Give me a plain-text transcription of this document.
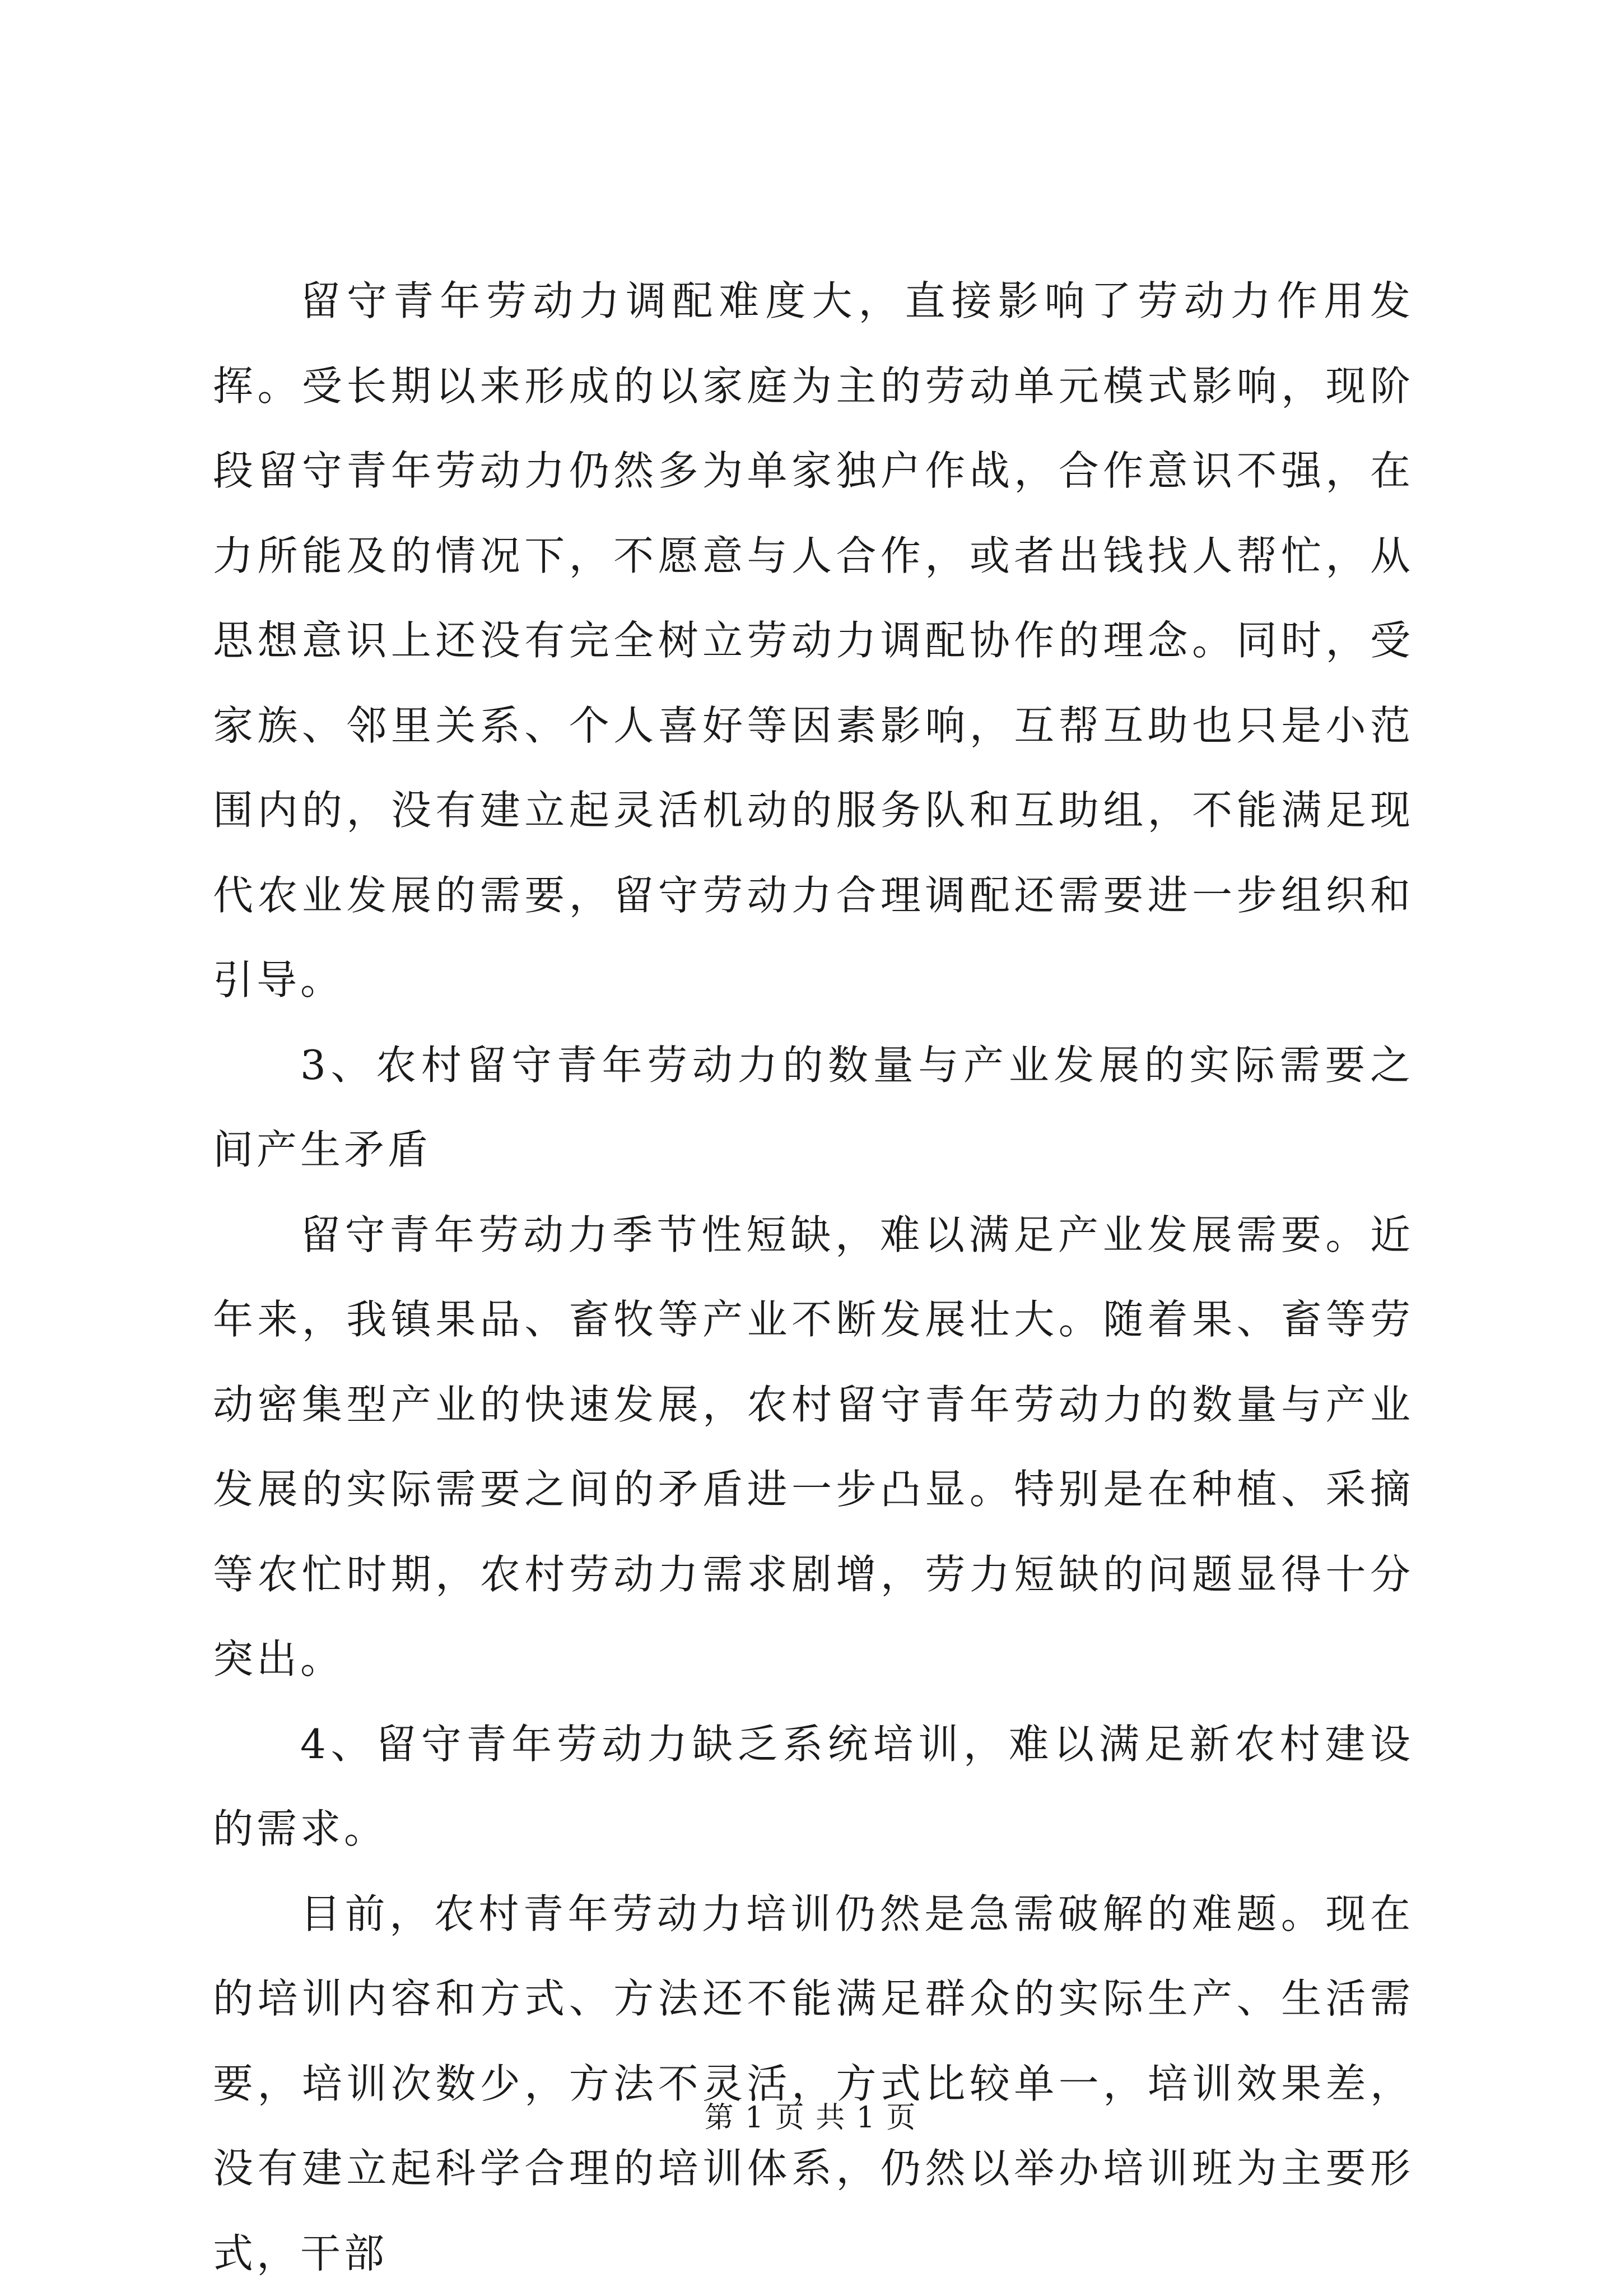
留守青年劳动力调配难度大，直接影响了劳动力作用发挥。受长期以来形成的以家庭为主的劳动单元模式影响，现阶段留守青年劳动力仍然多为单家独户作战，合作意识不强，在力所能及的情况下，不愿意与人合作，或者出钱找人帮忙，从思想意识上还没有完全树立劳动力调配协作的理念。同时，受家族、邻里关系、个人喜好等因素影响，互帮互助也只是小范围内的，没有建立起灵活机动的服务队和互助组，不能满足现代农业发展的需要，留守劳动力合理调配还需要进一步组织和引导。

3、农村留守青年劳动力的数量与产业发展的实际需要之间产生矛盾

留守青年劳动力季节性短缺，难以满足产业发展需要。近年来，我镇果品、畜牧等产业不断发展壮大。随着果、畜等劳动密集型产业的快速发展，农村留守青年劳动力的数量与产业发展的实际需要之间的矛盾进一步凸显。特别是在种植、采摘等农忙时期，农村劳动力需求剧增，劳力短缺的问题显得十分突出。

4、留守青年劳动力缺乏系统培训，难以满足新农村建设的需求。

目前，农村青年劳动力培训仍然是急需破解的难题。现在的培训内容和方式、方法还不能满足群众的实际生产、生活需要，培训次数少，方法不灵活，方式比较单一，培训效果差，没有建立起科学合理的培训体系，仍然以举办培训班为主要形式，干部

第 1 页 共 1 页
